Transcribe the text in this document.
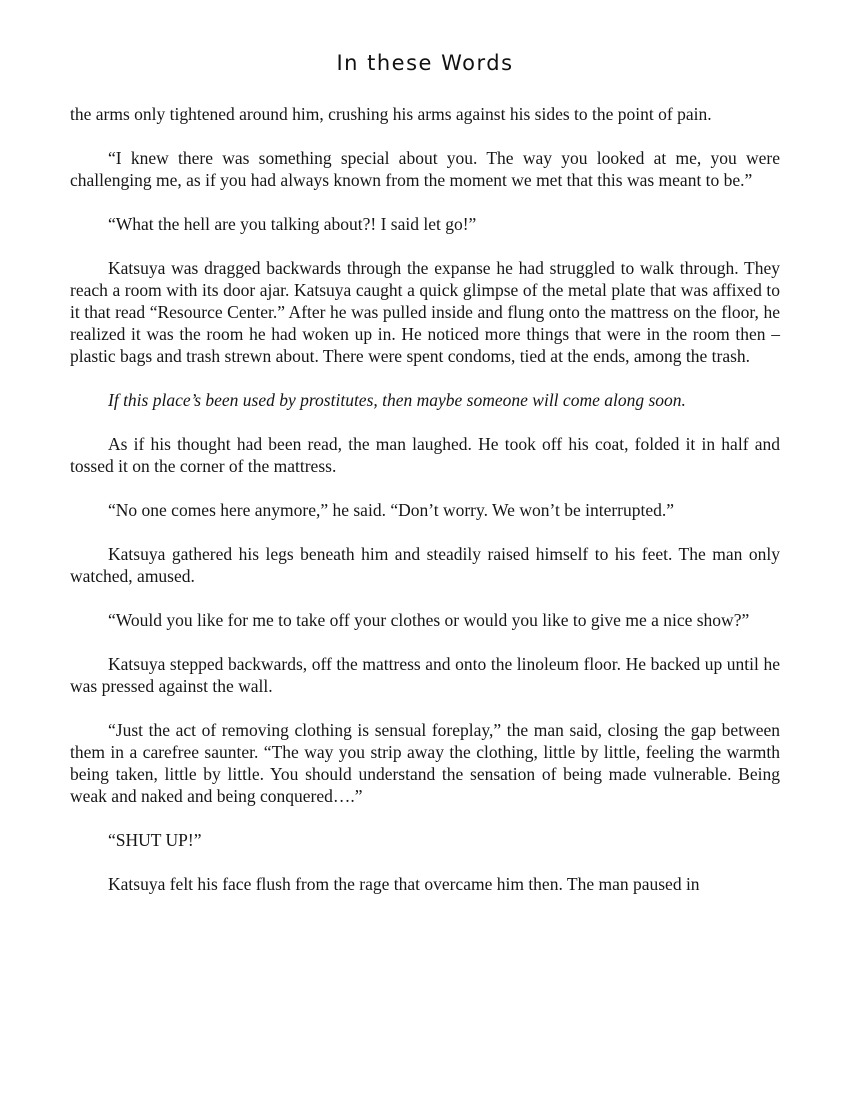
In these Words

the arms only tightened around him, crushing his arms against his sides to the point of pain.

“I knew there was something special about you. The way you looked at me, you were challenging me, as if you had always known from the moment we met that this was meant to be.”

“What the hell are you talking about?! I said let go!”

Katsuya was dragged backwards through the expanse he had struggled to walk through. They reach a room with its door ajar. Katsuya caught a quick glimpse of the metal plate that was affixed to it that read “Resource Center.” After he was pulled inside and flung onto the mattress on the floor, he realized it was the room he had woken up in. He noticed more things that were in the room then – plastic bags and trash strewn about. There were spent condoms, tied at the ends, among the trash.

If this place’s been used by prostitutes, then maybe someone will come along soon.

As if his thought had been read, the man laughed. He took off his coat, folded it in half and tossed it on the corner of the mattress.

“No one comes here anymore,” he said. “Don’t worry. We won’t be interrupted.”

Katsuya gathered his legs beneath him and steadily raised himself to his feet. The man only watched, amused.

“Would you like for me to take off your clothes or would you like to give me a nice show?”

Katsuya stepped backwards, off the mattress and onto the linoleum floor. He backed up until he was pressed against the wall.

“Just the act of removing clothing is sensual foreplay,” the man said, closing the gap between them in a carefree saunter. “The way you strip away the clothing, little by little, feeling the warmth being taken, little by little. You should understand the sensation of being made vulnerable. Being weak and naked and being conquered….”

“SHUT UP!”

Katsuya felt his face flush from the rage that overcame him then. The man paused in
